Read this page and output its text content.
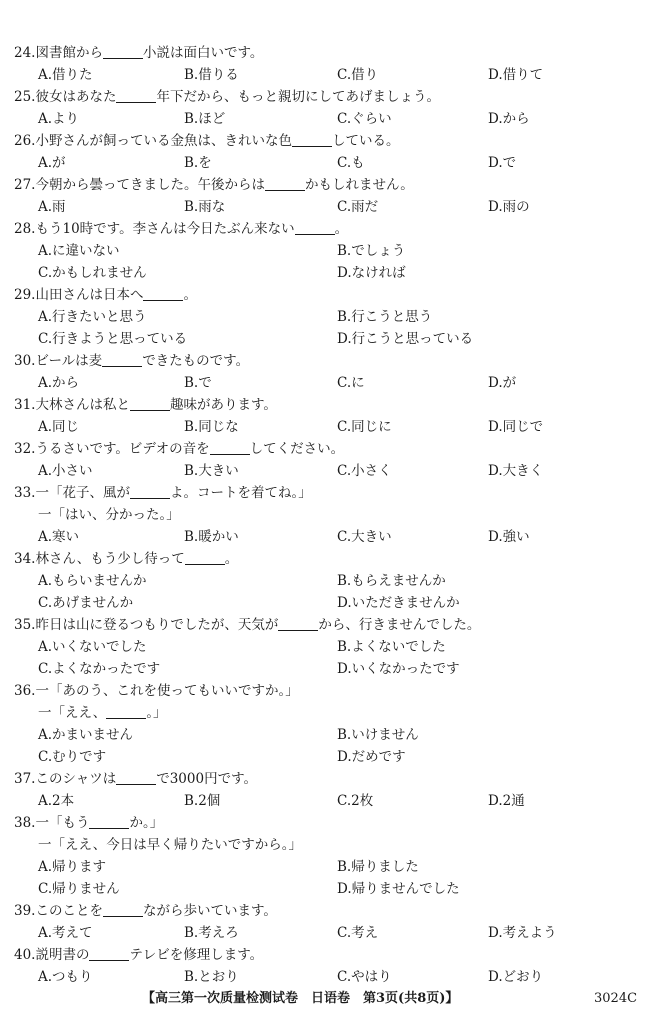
24.図書館から	小説は面白いです。
A.借りた	B.借りる	C.借り	D.借りて
25.彼女はあなた	年下だから、もっと親切にしてあげましょう。
A.より	B.ほど	C.ぐらい	D.から
26.小野さんが飼っている金魚は、きれいな色	している。
A.が	B.を	C.も	D.で
27.今朝から曇ってきました。午後からは	かもしれません。
A.雨	B.雨な	C.雨だ	D.雨の
28.もう10時です。李さんは今日たぶん来ない	。
A.に違いない	B.でしょう
C.かもしれません	D.なければ
29.山田さんは日本へ	。
A.行きたいと思う	B.行こうと思う
C.行きようと思っている	D.行こうと思っている
30.ビールは麦	できたものです。
A.から	B.で	C.に	D.が
31.大林さんは私と	趣味があります。
A.同じ	B.同じな	C.同じに	D.同じで
32.うるさいです。ビデオの音を	してください。
A.小さい	B.大きい	C.小さく	D.大きく
33.一「花子、風が	よ。コートを着てね。」
一「はい、分かった。」
A.寒い	B.暖かい	C.大きい	D.強い
34.林さん、もう少し待って	。
A.もらいませんか	B.もらえませんか
C.あげませんか	D.いただきませんか
35.昨日は山に登るつもりでしたが、天気が	から、行きませんでした。
A.いくないでした	B.よくないでした
C.よくなかったです	D.いくなかったです
36.一「あのう、これを使ってもいいですか。」
一「ええ、	。」
A.かまいません	B.いけません
C.むりです	D.だめです
37.このシャツは	で3000円です。
A.2本	B.2個	C.2枚	D.2通
38.一「もう	か。」
一「ええ、今日は早く帰りたいですから。」
A.帰ります	B.帰りました
C.帰りません	D.帰りませんでした
39.このことを	ながら歩いています。
A.考えて	B.考えろ	C.考え	D.考えよう
40.説明書の	テレビを修理します。
A.つもり	B.とおり	C.やはり	D.どおり
【高三第一次质量检测试卷　日语卷　第3页(共8页)】	3024C
